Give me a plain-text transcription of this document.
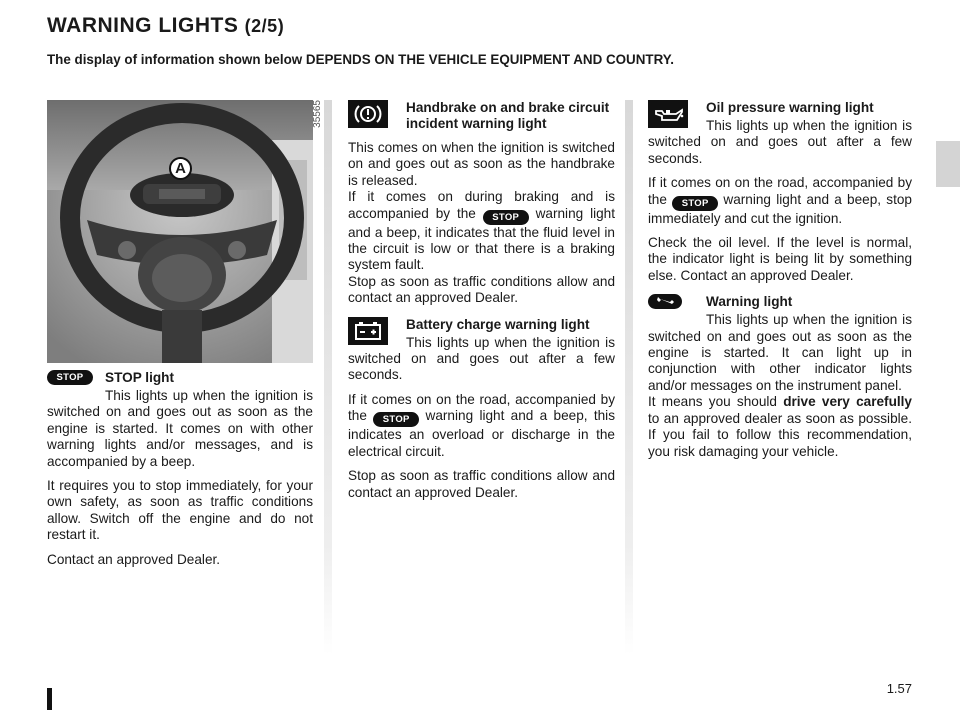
WARNING LIGHTS (2/5)
The display of information shown below DEPENDS ON THE VEHICLE EQUIPMENT AND COUNTRY.
A
35565
STOP	STOP light

This lights up when the ignition is switched on and goes out as soon as the engine is started. It comes on with other warning lights and/or messages, and is accompanied by a beep.

It requires you to stop immediately, for your own safety, as soon as traffic conditions allow. Switch off the engine and do not restart it.

Contact an approved Dealer.

Handbrake on and brake circuit incident warning light

This comes on when the ignition is switched on and goes out as soon as the handbrake is released.

If it comes on during braking and is accompanied by the STOP warning light and a beep, it indicates that the fluid level in the circuit is low or that there is a braking system fault.

Stop as soon as traffic conditions allow and contact an approved Dealer.

Battery charge warning light

This lights up when the ignition is switched on and goes out after a few seconds.

If it comes on on the road, accompanied by the STOP warning light and a beep, this indicates an overload or discharge in the electrical circuit.

Stop as soon as traffic conditions allow and contact an approved Dealer.

Oil pressure warning light

This lights up when the ignition is switched on and goes out after a few seconds.

If it comes on on the road, accompanied by the STOP warning light and a beep, stop immediately and cut the ignition.

Check the oil level. If the level is normal, the indicator light is being lit by something else. Contact an approved Dealer.

Warning light

This lights up when the ignition is switched on and goes out as soon as the engine is started. It can light up in conjunction with other indicator lights and/or messages on the instrument panel.

It means you should drive very carefully to an approved dealer as soon as possible. If you fail to follow this recommendation, you risk damaging your vehicle.

1.57
